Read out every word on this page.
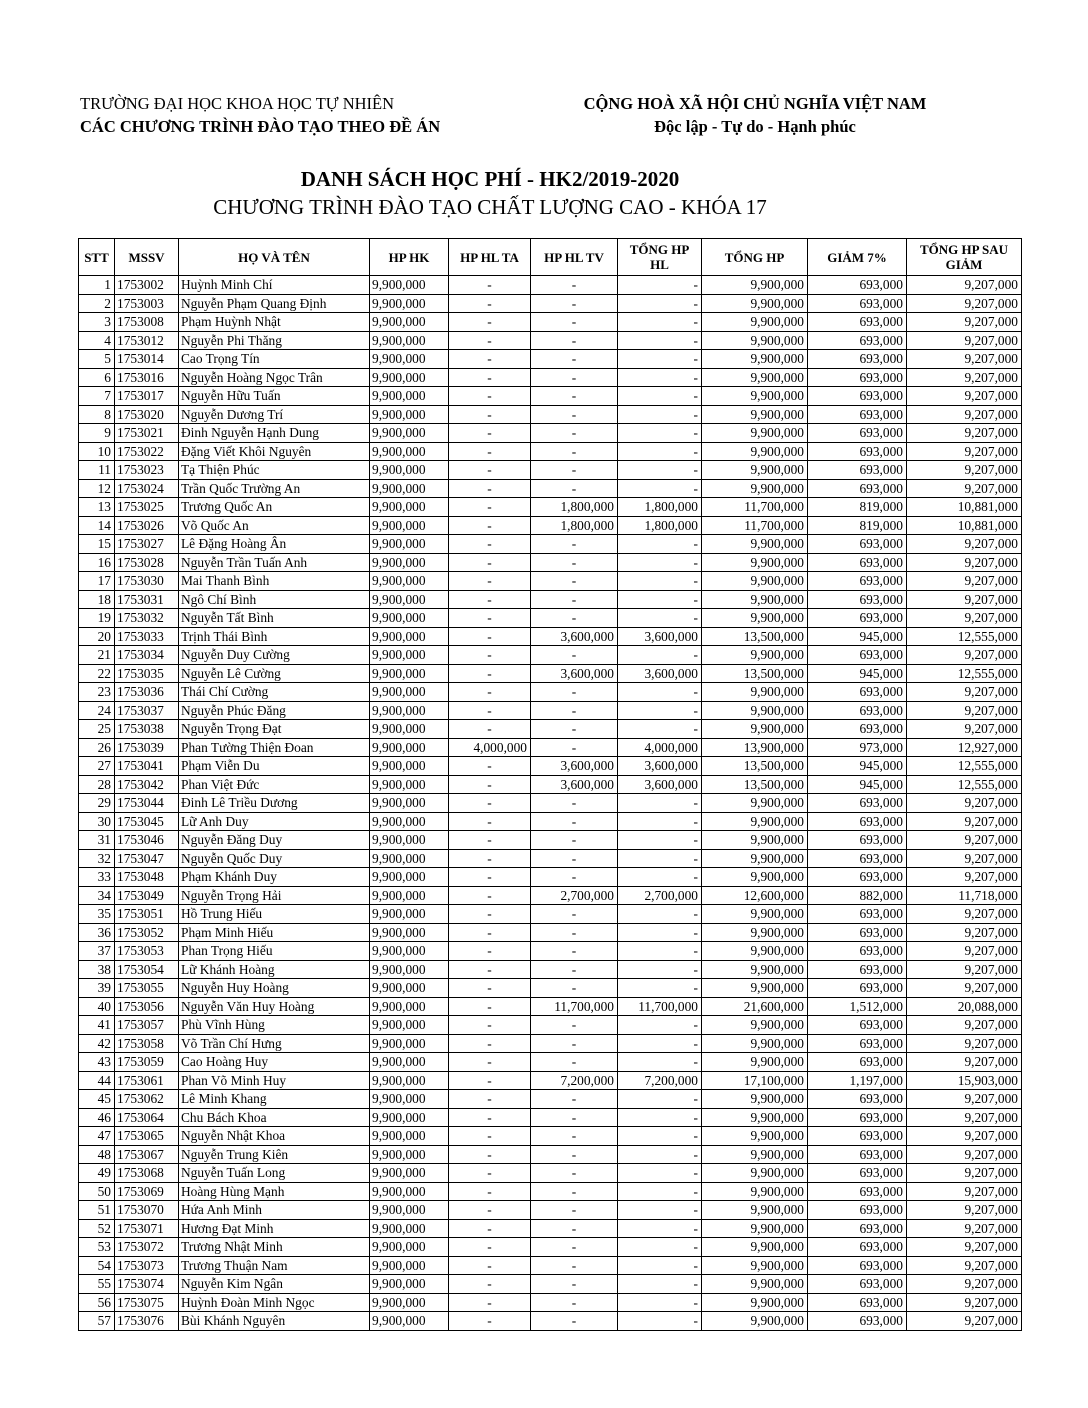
TRƯỜNG ĐẠI HỌC KHOA HỌC TỰ NHIÊN
CÁC CHƯƠNG TRÌNH ĐÀO TẠO THEO ĐỀ ÁN
CỘNG HOÀ XÃ HỘI CHỦ NGHĨA VIỆT NAM
Độc lập - Tự do - Hạnh phúc
DANH SÁCH HỌC PHÍ - HK2/2019-2020
CHƯƠNG TRÌNH ĐÀO TẠO CHẤT LƯỢNG CAO - KHÓA 17
STT	MSSV	HỌ VÀ TÊN	HP HK	HP HL TA	HP HL TV	TỔNG HP HL	TỔNG HP	GIẢM 7%	TỔNG HP SAU GIẢM
1	1753002	Huỳnh Minh Chí	9,900,000	-	-	-	9,900,000	693,000	9,207,000
2	1753003	Nguyễn Phạm Quang Định	9,900,000	-	-	-	9,900,000	693,000	9,207,000
3	1753008	Phạm Huỳnh Nhật	9,900,000	-	-	-	9,900,000	693,000	9,207,000
4	1753012	Nguyễn Phi Thăng	9,900,000	-	-	-	9,900,000	693,000	9,207,000
5	1753014	Cao Trọng Tín	9,900,000	-	-	-	9,900,000	693,000	9,207,000
6	1753016	Nguyễn Hoàng Ngọc Trân	9,900,000	-	-	-	9,900,000	693,000	9,207,000
7	1753017	Nguyễn Hữu Tuấn	9,900,000	-	-	-	9,900,000	693,000	9,207,000
8	1753020	Nguyễn Dương Trí	9,900,000	-	-	-	9,900,000	693,000	9,207,000
9	1753021	Đinh Nguyễn Hạnh Dung	9,900,000	-	-	-	9,900,000	693,000	9,207,000
10	1753022	Đặng Viết Khôi Nguyên	9,900,000	-	-	-	9,900,000	693,000	9,207,000
11	1753023	Tạ Thiện Phúc	9,900,000	-	-	-	9,900,000	693,000	9,207,000
12	1753024	Trần Quốc Trường An	9,900,000	-	-	-	9,900,000	693,000	9,207,000
13	1753025	Trương Quốc An	9,900,000	-	1,800,000	1,800,000	11,700,000	819,000	10,881,000
14	1753026	Võ Quốc An	9,900,000	-	1,800,000	1,800,000	11,700,000	819,000	10,881,000
15	1753027	Lê Đặng Hoàng Ân	9,900,000	-	-	-	9,900,000	693,000	9,207,000
16	1753028	Nguyễn Trần Tuấn Anh	9,900,000	-	-	-	9,900,000	693,000	9,207,000
17	1753030	Mai Thanh Bình	9,900,000	-	-	-	9,900,000	693,000	9,207,000
18	1753031	Ngô Chí Bình	9,900,000	-	-	-	9,900,000	693,000	9,207,000
19	1753032	Nguyễn Tất Bình	9,900,000	-	-	-	9,900,000	693,000	9,207,000
20	1753033	Trịnh Thái Bình	9,900,000	-	3,600,000	3,600,000	13,500,000	945,000	12,555,000
21	1753034	Nguyễn Duy Cường	9,900,000	-	-	-	9,900,000	693,000	9,207,000
22	1753035	Nguyễn Lê Cường	9,900,000	-	3,600,000	3,600,000	13,500,000	945,000	12,555,000
23	1753036	Thái Chí Cường	9,900,000	-	-	-	9,900,000	693,000	9,207,000
24	1753037	Nguyễn Phúc Đăng	9,900,000	-	-	-	9,900,000	693,000	9,207,000
25	1753038	Nguyễn Trọng Đạt	9,900,000	-	-	-	9,900,000	693,000	9,207,000
26	1753039	Phan Tường Thiện Đoan	9,900,000	4,000,000	-	4,000,000	13,900,000	973,000	12,927,000
27	1753041	Phạm Viễn Du	9,900,000	-	3,600,000	3,600,000	13,500,000	945,000	12,555,000
28	1753042	Phan Việt Đức	9,900,000	-	3,600,000	3,600,000	13,500,000	945,000	12,555,000
29	1753044	Đinh Lê Triều Dương	9,900,000	-	-	-	9,900,000	693,000	9,207,000
30	1753045	Lữ Anh Duy	9,900,000	-	-	-	9,900,000	693,000	9,207,000
31	1753046	Nguyễn Đăng Duy	9,900,000	-	-	-	9,900,000	693,000	9,207,000
32	1753047	Nguyễn Quốc Duy	9,900,000	-	-	-	9,900,000	693,000	9,207,000
33	1753048	Phạm Khánh Duy	9,900,000	-	-	-	9,900,000	693,000	9,207,000
34	1753049	Nguyễn Trọng Hải	9,900,000	-	2,700,000	2,700,000	12,600,000	882,000	11,718,000
35	1753051	Hồ Trung Hiếu	9,900,000	-	-	-	9,900,000	693,000	9,207,000
36	1753052	Phạm Minh Hiếu	9,900,000	-	-	-	9,900,000	693,000	9,207,000
37	1753053	Phan Trọng Hiếu	9,900,000	-	-	-	9,900,000	693,000	9,207,000
38	1753054	Lữ Khánh Hoàng	9,900,000	-	-	-	9,900,000	693,000	9,207,000
39	1753055	Nguyễn Huy Hoàng	9,900,000	-	-	-	9,900,000	693,000	9,207,000
40	1753056	Nguyễn Văn Huy Hoàng	9,900,000	-	11,700,000	11,700,000	21,600,000	1,512,000	20,088,000
41	1753057	Phù Vĩnh Hùng	9,900,000	-	-	-	9,900,000	693,000	9,207,000
42	1753058	Võ Trần Chí Hưng	9,900,000	-	-	-	9,900,000	693,000	9,207,000
43	1753059	Cao Hoàng Huy	9,900,000	-	-	-	9,900,000	693,000	9,207,000
44	1753061	Phan Võ Minh Huy	9,900,000	-	7,200,000	7,200,000	17,100,000	1,197,000	15,903,000
45	1753062	Lê Minh Khang	9,900,000	-	-	-	9,900,000	693,000	9,207,000
46	1753064	Chu Bách Khoa	9,900,000	-	-	-	9,900,000	693,000	9,207,000
47	1753065	Nguyễn Nhật Khoa	9,900,000	-	-	-	9,900,000	693,000	9,207,000
48	1753067	Nguyễn Trung Kiên	9,900,000	-	-	-	9,900,000	693,000	9,207,000
49	1753068	Nguyễn Tuấn Long	9,900,000	-	-	-	9,900,000	693,000	9,207,000
50	1753069	Hoàng Hùng Mạnh	9,900,000	-	-	-	9,900,000	693,000	9,207,000
51	1753070	Hứa Anh Minh	9,900,000	-	-	-	9,900,000	693,000	9,207,000
52	1753071	Hương Đạt Minh	9,900,000	-	-	-	9,900,000	693,000	9,207,000
53	1753072	Trương Nhật Minh	9,900,000	-	-	-	9,900,000	693,000	9,207,000
54	1753073	Trương Thuận Nam	9,900,000	-	-	-	9,900,000	693,000	9,207,000
55	1753074	Nguyễn Kim Ngân	9,900,000	-	-	-	9,900,000	693,000	9,207,000
56	1753075	Huỳnh Đoàn Minh Ngọc	9,900,000	-	-	-	9,900,000	693,000	9,207,000
57	1753076	Bùi Khánh Nguyên	9,900,000	-	-	-	9,900,000	693,000	9,207,000
